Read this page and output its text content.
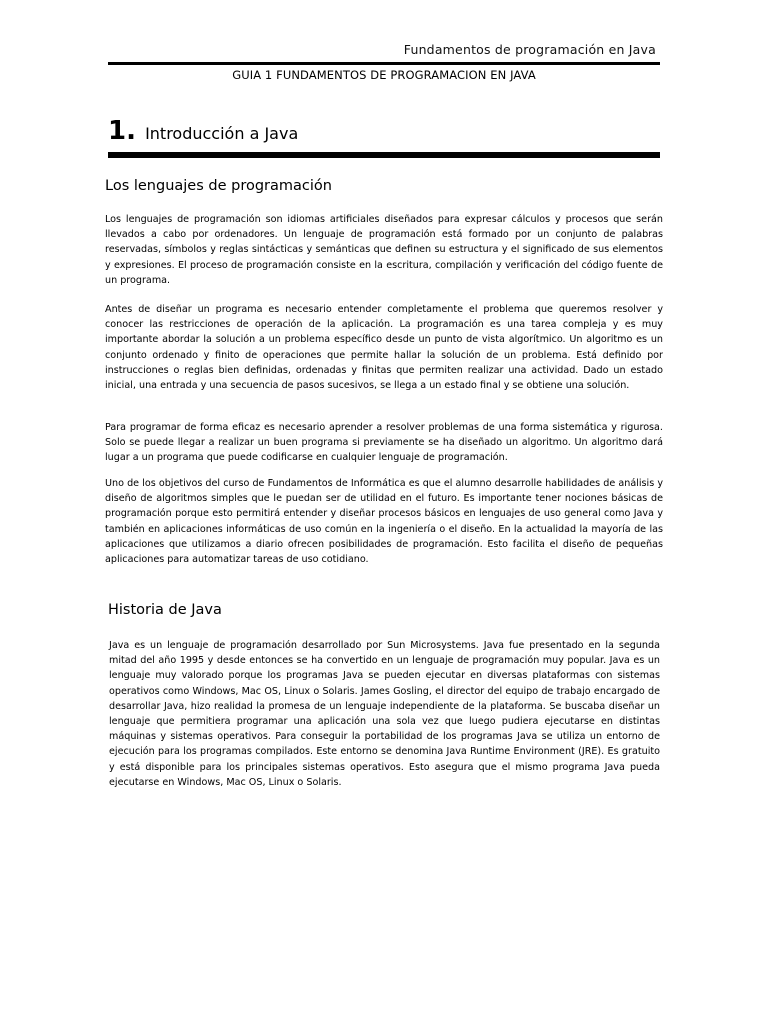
Fundamentos de programación en Java
GUIA 1 FUNDAMENTOS DE PROGRAMACION EN JAVA
1. Introducción a Java
Los lenguajes de programación

Los lenguajes de programación son idiomas artificiales diseñados para expresar cálculos y procesos que serán llevados a cabo por ordenadores. Un lenguaje de programación está formado por un conjunto de palabras reservadas, símbolos y reglas sintácticas y semánticas que definen su estructura y el significado de sus elementos y expresiones. El proceso de programación consiste en la escritura, compilación y verificación del código fuente de un programa.

Antes de diseñar un programa es necesario entender completamente el problema que queremos resolver y conocer las restricciones de operación de la aplicación. La programación es una tarea compleja y es muy importante abordar la solución a un problema específico desde un punto de vista algorítmico. Un algoritmo es un conjunto ordenado y finito de operaciones que permite hallar la solución de un problema. Está definido por instrucciones o reglas bien definidas, ordenadas y finitas que permiten realizar una actividad. Dado un estado inicial, una entrada y una secuencia de pasos sucesivos, se llega a un estado final y se obtiene una solución.

Para programar de forma eficaz es necesario aprender a resolver problemas de una forma sistemática y rigurosa. Solo se puede llegar a realizar un buen programa si previamente se ha diseñado un algoritmo. Un algoritmo dará lugar a un programa que puede codificarse en cualquier lenguaje de programación.

Uno de los objetivos del curso de Fundamentos de Informática es que el alumno desarrolle habilidades de análisis y diseño de algoritmos simples que le puedan ser de utilidad en el futuro. Es importante tener nociones básicas de programación porque esto permitirá entender y diseñar procesos básicos en lenguajes de uso general como Java y también en aplicaciones informáticas de uso común en la ingeniería o el diseño. En la actualidad la mayoría de las aplicaciones que utilizamos a diario ofrecen posibilidades de programación. Esto facilita el diseño de pequeñas aplicaciones para automatizar tareas de uso cotidiano.

Historia de Java

Java es un lenguaje de programación desarrollado por Sun Microsystems. Java fue presentado en la segunda mitad del año 1995 y desde entonces se ha convertido en un lenguaje de programación muy popular. Java es un lenguaje muy valorado porque los programas Java se pueden ejecutar en diversas plataformas con sistemas operativos como Windows, Mac OS, Linux o Solaris. James Gosling, el director del equipo de trabajo encargado de desarrollar Java, hizo realidad la promesa de un lenguaje independiente de la plataforma. Se buscaba diseñar un lenguaje que permitiera programar una aplicación una sola vez que luego pudiera ejecutarse en distintas máquinas y sistemas operativos. Para conseguir la portabilidad de los programas Java se utiliza un entorno de ejecución para los programas compilados. Este entorno se denomina Java Runtime Environment (JRE). Es gratuito y está disponible para los principales sistemas operativos. Esto asegura que el mismo programa Java pueda ejecutarse en Windows, Mac OS, Linux o Solaris.
